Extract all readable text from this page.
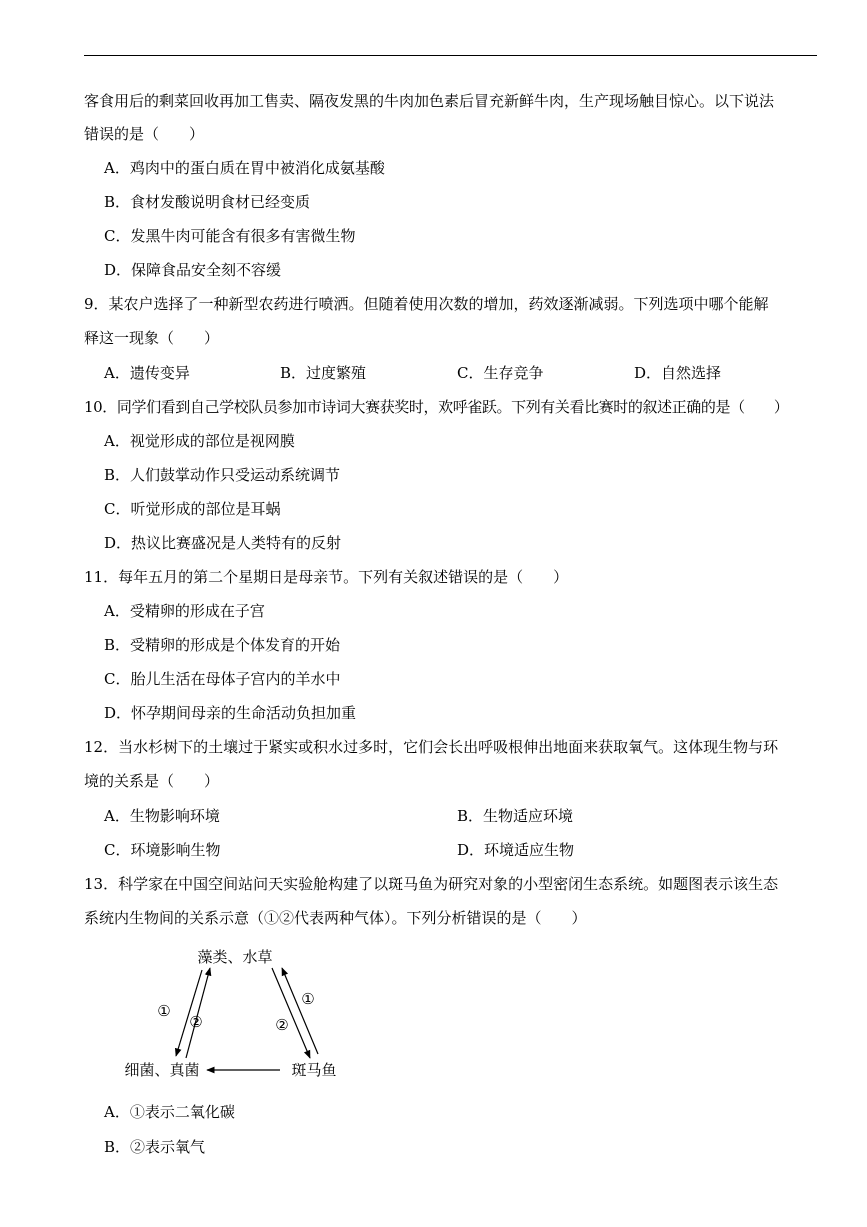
客食用后的剩菜回收再加工售卖、隔夜发黑的牛肉加色素后冒充新鲜牛肉，生产现场触目惊心。以下说法
错误的是（　　）
A．鸡肉中的蛋白质在胃中被消化成氨基酸
B．食材发酸说明食材已经变质
C．发黑牛肉可能含有很多有害微生物
D．保障食品安全刻不容缓
9．某农户选择了一种新型农药进行喷洒。但随着使用次数的增加，药效逐渐减弱。下列选项中哪个能解
释这一现象（　　）
A．遗传变异	B．过度繁殖	C．生存竞争	D．自然选择
10．同学们看到自己学校队员参加市诗词大赛获奖时，欢呼雀跃。下列有关看比赛时的叙述正确的是（　　）
A．视觉形成的部位是视网膜
B．人们鼓掌动作只受运动系统调节
C．听觉形成的部位是耳蜗
D．热议比赛盛况是人类特有的反射
11．每年五月的第二个星期日是母亲节。下列有关叙述错误的是（　　）
A．受精卵的形成在子宫
B．受精卵的形成是个体发育的开始
C．胎儿生活在母体子宫内的羊水中
D．怀孕期间母亲的生命活动负担加重
12．当水杉树下的土壤过于紧实或积水过多时，它们会长出呼吸根伸出地面来获取氧气。这体现生物与环
境的关系是（　　）
A．生物影响环境	B．生物适应环境
C．环境影响生物	D．环境适应生物
13．科学家在中国空间站问天实验舱构建了以斑马鱼为研究对象的小型密闭生态系统。如题图表示该生态
系统内生物间的关系示意（①②代表两种气体）。下列分析错误的是（　　）
藻类、水草
细菌、真菌	斑马鱼
①
②	②
①
A．①表示二氧化碳
B．②表示氧气
